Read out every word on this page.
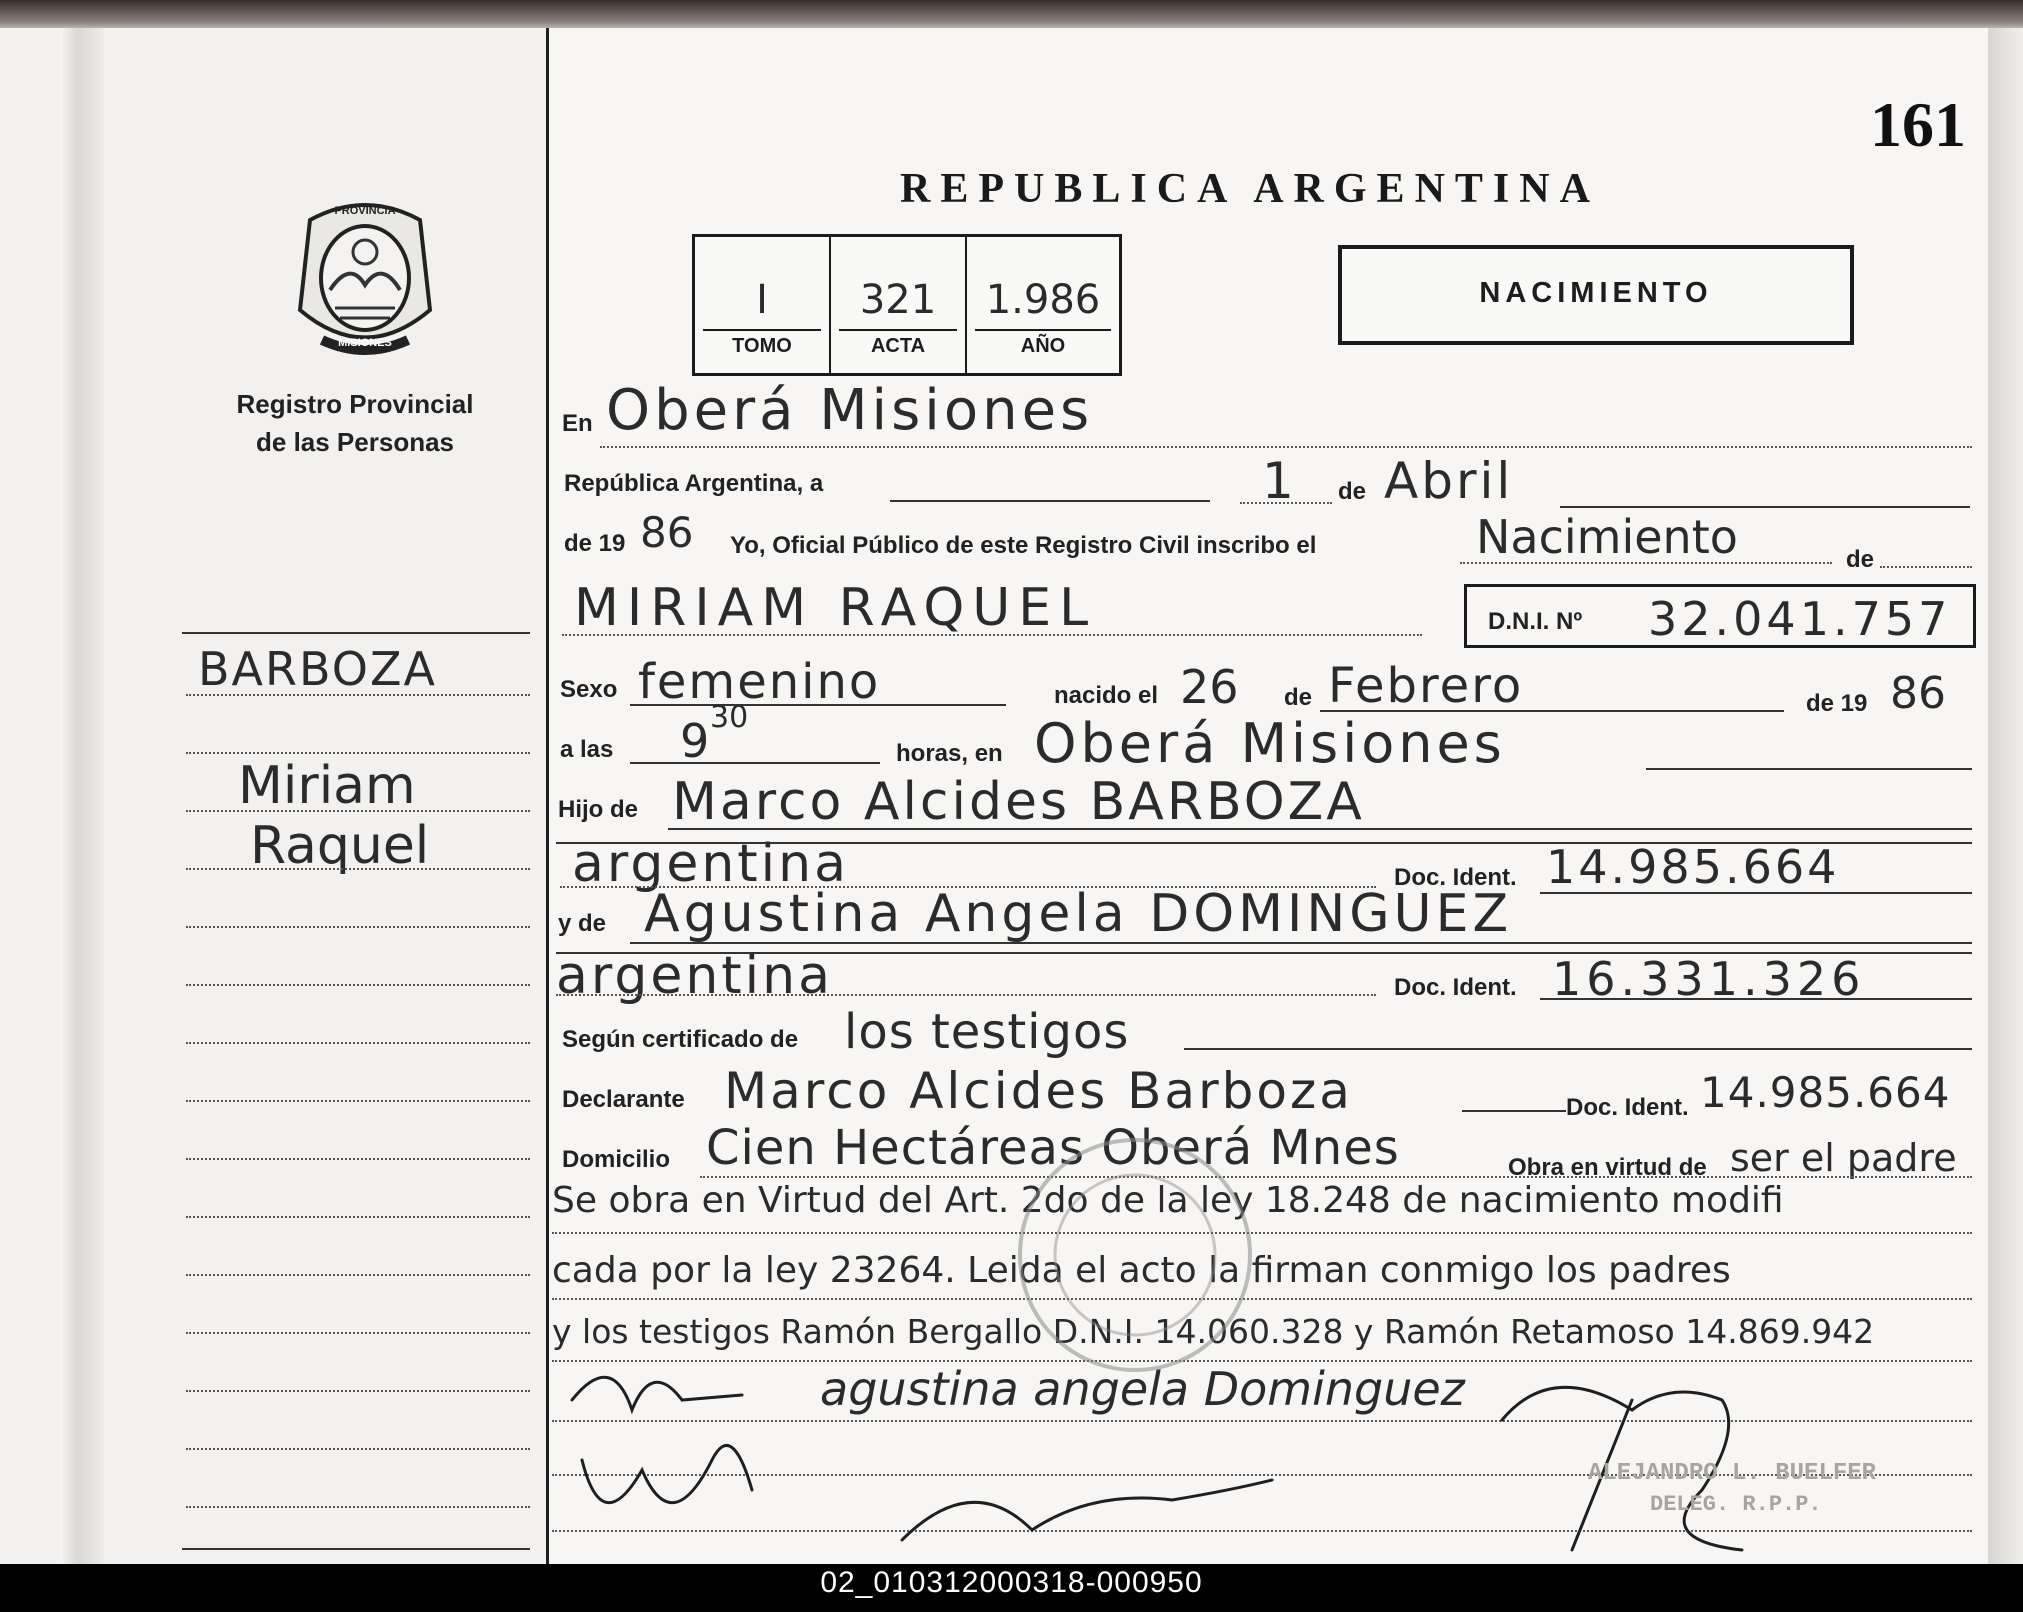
PROVINCIA
MISIONES
Registro Provincial
de las Personas
BARBOZA
Miriam
Raquel
161
REPUBLICA ARGENTINA
I
TOMO
321
ACTA
1.986
AÑO
NACIMIENTO
En Oberá Misiones
República Argentina, a	1 de Abril
de 19 86 Yo, Oficial Público de este Registro Civil inscribo el	Nacimiento	de
MIRIAM RAQUEL	D.N.I. Nº 32.041.757
Sexo femenino	nacido el 26 de Febrero	de 19 86
a las 9 30
horas, en Oberá Misiones
Hijo de Marco Alcides BARBOZA
argentina	Doc. Ident. 14.985.664
y de Agustina Angela DOMINGUEZ
argentina	Doc. Ident. 16.331.326
Según certificado de los testigos
Declarante Marco Alcides Barboza	Doc. Ident. 14.985.664
Domicilio Cien Hectáreas Oberá Mnes	Obra en virtud de ser el padre
Se obra en Virtud del Art. 2do de la ley 18.248 de nacimiento modifi
cada por la ley 23264. Leida el acto la firman conmigo los padres
y los testigos Ramón Bergallo D.N.I. 14.060.328 y Ramón Retamoso 14.869.942
agustina angela Dominguez
ALEJANDRO L. BUELFER
DELEG. R.P.P.
02_010312000318-000950
